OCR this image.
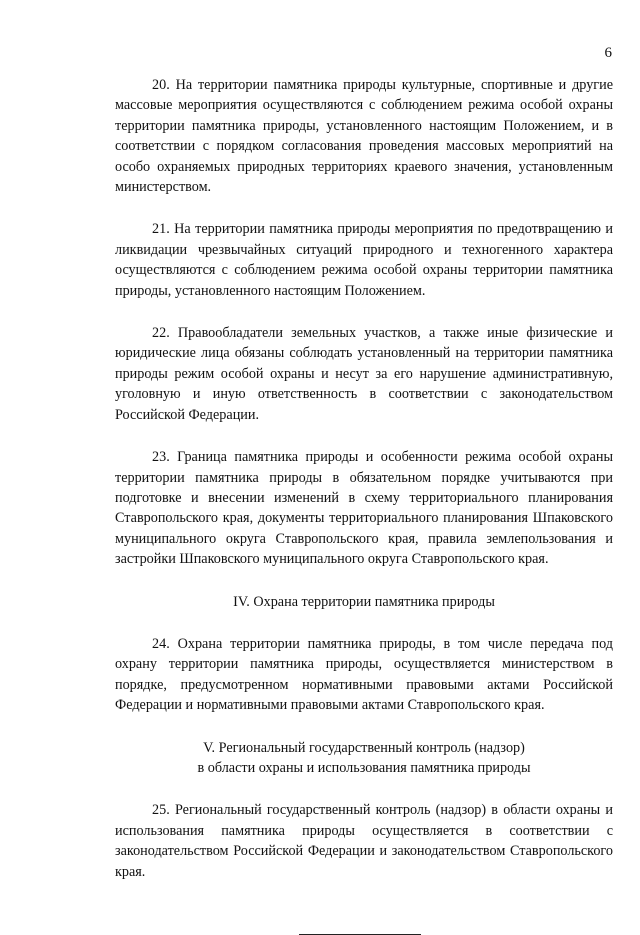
6

20. На территории памятника природы культурные, спортивные и другие массовые мероприятия осуществляются с соблюдением режима особой охраны территории памятника природы, установленного настоящим Положением, и в соответствии с порядком согласования проведения массовых мероприятий на особо охраняемых природных территориях краевого значения, установленным министерством.

21. На территории памятника природы мероприятия по предотвращению и ликвидации чрезвычайных ситуаций природного и техногенного характера осуществляются с соблюдением режима особой охраны территории памятника природы, установленного настоящим Положением.

22. Правообладатели земельных участков, а также иные физические и юридические лица обязаны соблюдать установленный на территории памятника природы режим особой охраны и несут за его нарушение административную, уголовную и иную ответственность в соответствии с законодательством Российской Федерации.

23. Граница памятника природы и особенности режима особой охраны территории памятника природы в обязательном порядке учитываются при подготовке и внесении изменений в схему территориального планирования Ставропольского края, документы территориального планирования Шпаковского муниципального округа Ставропольского края, правила землепользования и застройки Шпаковского муниципального округа Ставропольского края.

IV. Охрана территории памятника природы

24. Охрана территории памятника природы, в том числе передача под охрану территории памятника природы, осуществляется министерством в порядке, предусмотренном нормативными правовыми актами Российской Федерации и нормативными правовыми актами Ставропольского края.

V. Региональный государственный контроль (надзор)
в области охраны и использования памятника природы

25. Региональный государственный контроль (надзор) в области охраны и использования памятника природы осуществляется в соответствии с законодательством Российской Федерации и законодательством Ставропольского края.
